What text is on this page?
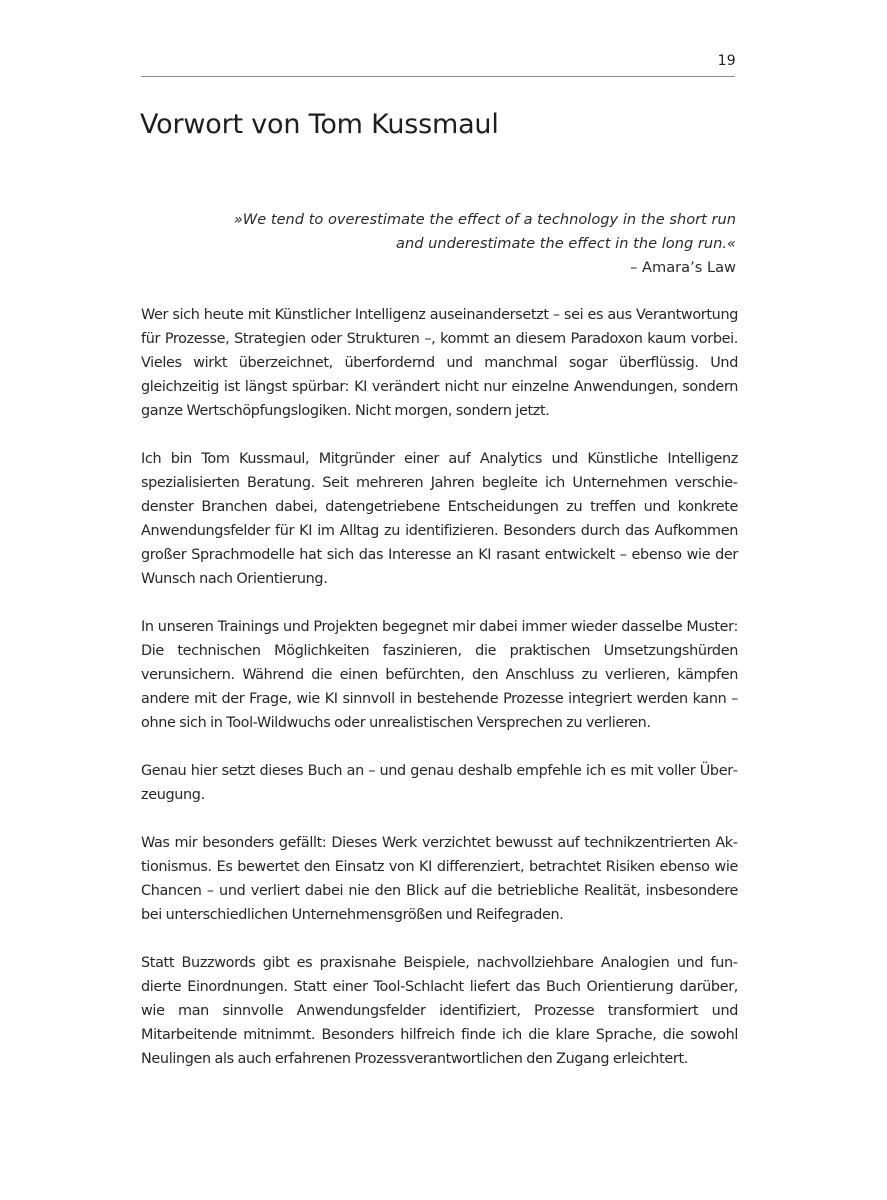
19
Vorwort von Tom Kussmaul
»We tend to overestimate the effect of a technology in the short run and underestimate the effect in the long run.«
– Amara’s Law

Wer sich heute mit Künstlicher Intelligenz auseinandersetzt – sei es aus Verantwortung für Prozesse, Strategien oder Strukturen –, kommt an diesem Paradoxon kaum vorbei. Vieles wirkt überzeichnet, überfordernd und manchmal sogar überflüssig. Und gleichzeitig ist längst spürbar: KI verändert nicht nur einzelne Anwendungen, sondern ganze Wertschöpfungslogiken. Nicht morgen, sondern jetzt.

Ich bin Tom Kussmaul, Mitgründer einer auf Analytics und Künstliche Intelligenz spezialisierten Beratung. Seit mehreren Jahren begleite ich Unternehmen verschiedenster Branchen dabei, datengetriebene Entscheidungen zu treffen und konkrete Anwendungsfelder für KI im Alltag zu identifizieren. Besonders durch das Aufkommen großer Sprachmodelle hat sich das Interesse an KI rasant entwickelt – ebenso wie der Wunsch nach Orientierung.

In unseren Trainings und Projekten begegnet mir dabei immer wieder dasselbe Muster: Die technischen Möglichkeiten faszinieren, die praktischen Umsetzungshürden verunsichern. Während die einen befürchten, den Anschluss zu verlieren, kämpfen andere mit der Frage, wie KI sinnvoll in bestehende Prozesse integriert werden kann – ohne sich in Tool-Wildwuchs oder unrealistischen Versprechen zu verlieren.

Genau hier setzt dieses Buch an – und genau deshalb empfehle ich es mit voller Überzeugung.

Was mir besonders gefällt: Dieses Werk verzichtet bewusst auf technikzentrierten Aktionismus. Es bewertet den Einsatz von KI differenziert, betrachtet Risiken ebenso wie Chancen – und verliert dabei nie den Blick auf die betriebliche Realität, insbesondere bei unterschiedlichen Unternehmensgrößen und Reifegraden.

Statt Buzzwords gibt es praxisnahe Beispiele, nachvollziehbare Analogien und fundierte Einordnungen. Statt einer Tool-Schlacht liefert das Buch Orientierung darüber, wie man sinnvolle Anwendungsfelder identifiziert, Prozesse transformiert und Mitarbeitende mitnimmt. Besonders hilfreich finde ich die klare Sprache, die sowohl Neulingen als auch erfahrenen Prozessverantwortlichen den Zugang erleichtert.
